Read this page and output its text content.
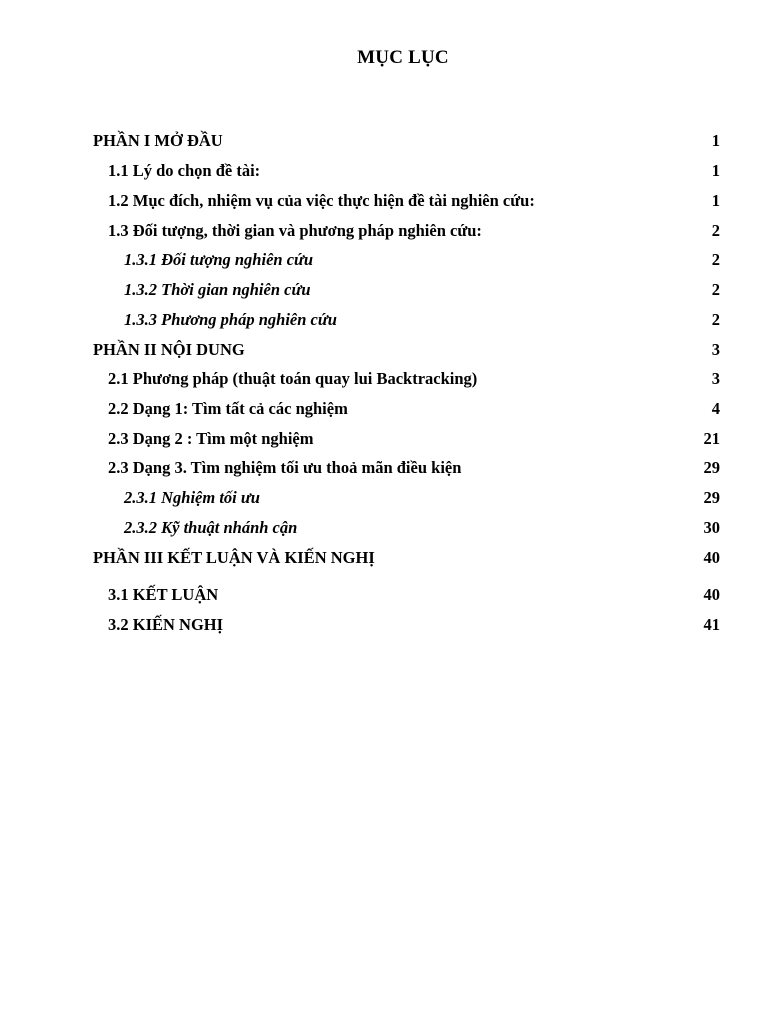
MỤC LỤC
PHẦN I MỞ ĐẦU	1
1.1 Lý do chọn đề tài:	1
1.2 Mục đích, nhiệm vụ của việc thực hiện đề tài nghiên cứu:	1
1.3 Đối tượng, thời gian và phương pháp nghiên cứu:	2
1.3.1 Đối tượng nghiên cứu	2
1.3.2 Thời gian nghiên cứu	2
1.3.3 Phương pháp nghiên cứu	2
PHẦN II NỘI DUNG	3
2.1 Phương pháp (thuật toán quay lui Backtracking)	3
2.2 Dạng 1: Tìm tất cả các nghiệm	4
2.3 Dạng 2 : Tìm một nghiệm	21
2.3 Dạng 3. Tìm nghiệm tối ưu thoả mãn điều kiện	29
2.3.1 Nghiệm tối ưu	29
2.3.2 Kỹ thuật nhánh cận	30
PHẦN III KẾT LUẬN VÀ KIẾN NGHỊ	40
3.1 KẾT LUẬN	40
3.2 KIẾN NGHỊ	41
